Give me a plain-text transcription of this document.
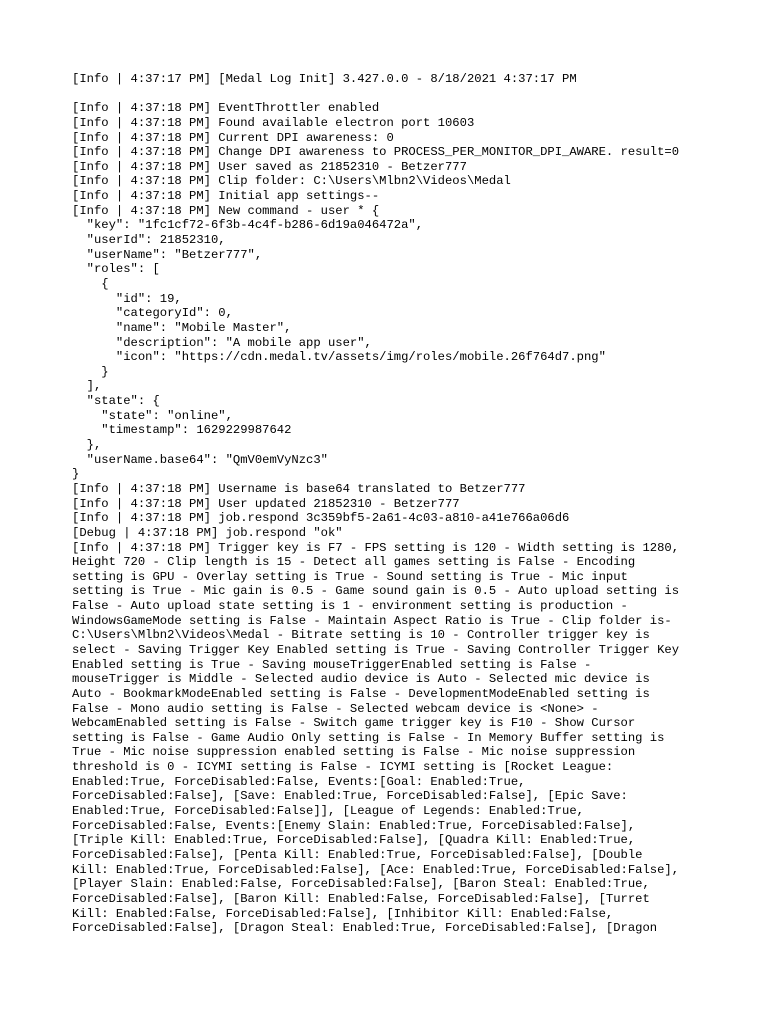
[Info | 4:37:17 PM] [Medal Log Init] 3.427.0.0 - 8/18/2021 4:37:17 PM
[Info | 4:37:18 PM] EventThrottler enabled
[Info | 4:37:18 PM] Found available electron port 10603
[Info | 4:37:18 PM] Current DPI awareness: 0
[Info | 4:37:18 PM] Change DPI awareness to PROCESS_PER_MONITOR_DPI_AWARE. result=0
[Info | 4:37:18 PM] User saved as 21852310 - Betzer777
[Info | 4:37:18 PM] Clip folder: C:\Users\Mlbn2\Videos\Medal
[Info | 4:37:18 PM] Initial app settings--
[Info | 4:37:18 PM] New command - user * {
"key": "1fc1cf72-6f3b-4c4f-b286-6d19a046472a",
"userId": 21852310,
"userName": "Betzer777",
"roles": [
{
"id": 19,
"categoryId": 0,
"name": "Mobile Master",
"description": "A mobile app user",
"icon": "https://cdn.medal.tv/assets/img/roles/mobile.26f764d7.png"
}
],
"state": {
"state": "online",
"timestamp": 1629229987642
},
"userName.base64": "QmV0emVyNzc3"
}
[Info | 4:37:18 PM] Username is base64 translated to Betzer777
[Info | 4:37:18 PM] User updated 21852310 - Betzer777
[Info | 4:37:18 PM] job.respond 3c359bf5-2a61-4c03-a810-a41e766a06d6
[Debug | 4:37:18 PM] job.respond "ok"
[Info | 4:37:18 PM] Trigger key is F7 - FPS setting is 120 - Width setting is 1280,
Height 720 - Clip length is 15 - Detect all games setting is False - Encoding
setting is GPU - Overlay setting is True - Sound setting is True - Mic input
setting is True - Mic gain is 0.5 - Game sound gain is 0.5 - Auto upload setting is
False - Auto upload state setting is 1 - environment setting is production -
WindowsGameMode setting is False - Maintain Aspect Ratio is True - Clip folder is-
C:\Users\Mlbn2\Videos\Medal - Bitrate setting is 10 - Controller trigger key is
select - Saving Trigger Key Enabled setting is True - Saving Controller Trigger Key
Enabled setting is True - Saving mouseTriggerEnabled setting is False -
mouseTrigger is Middle - Selected audio device is Auto - Selected mic device is
Auto - BookmarkModeEnabled setting is False - DevelopmentModeEnabled setting is
False - Mono audio setting is False - Selected webcam device is <None> -
WebcamEnabled setting is False - Switch game trigger key is F10 - Show Cursor
setting is False - Game Audio Only setting is False - In Memory Buffer setting is
True - Mic noise suppression enabled setting is False - Mic noise suppression
threshold is 0 - ICYMI setting is False - ICYMI setting is [Rocket League:
Enabled:True, ForceDisabled:False, Events:[Goal: Enabled:True,
ForceDisabled:False], [Save: Enabled:True, ForceDisabled:False], [Epic Save:
Enabled:True, ForceDisabled:False]], [League of Legends: Enabled:True,
ForceDisabled:False, Events:[Enemy Slain: Enabled:True, ForceDisabled:False],
[Triple Kill: Enabled:True, ForceDisabled:False], [Quadra Kill: Enabled:True,
ForceDisabled:False], [Penta Kill: Enabled:True, ForceDisabled:False], [Double
Kill: Enabled:True, ForceDisabled:False], [Ace: Enabled:True, ForceDisabled:False],
[Player Slain: Enabled:False, ForceDisabled:False], [Baron Steal: Enabled:True,
ForceDisabled:False], [Baron Kill: Enabled:False, ForceDisabled:False], [Turret
Kill: Enabled:False, ForceDisabled:False], [Inhibitor Kill: Enabled:False,
ForceDisabled:False], [Dragon Steal: Enabled:True, ForceDisabled:False], [Dragon
